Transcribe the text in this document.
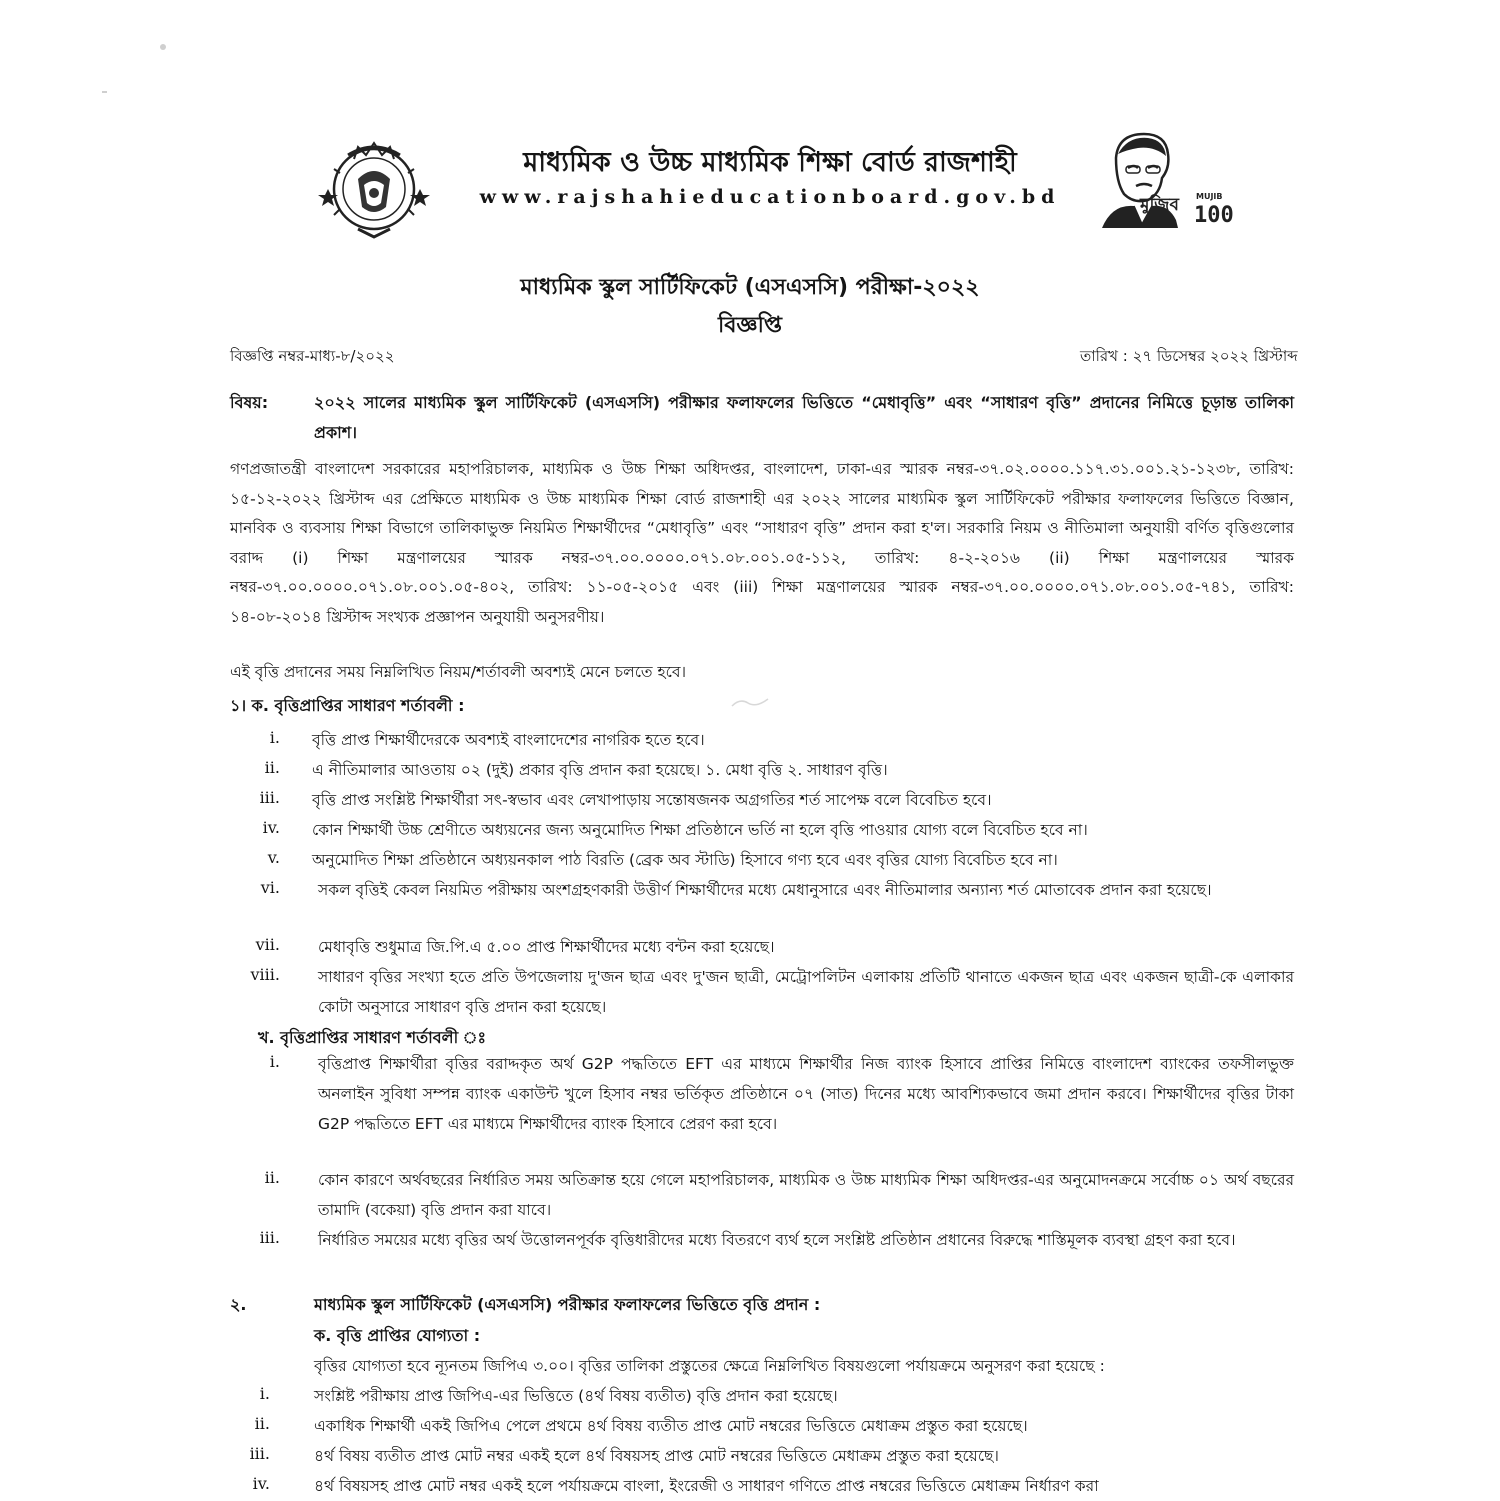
মাধ্যমিক ও উচ্চ মাধ্যমিক শিক্ষা বোর্ড রাজশাহী
www.rajshahieducationboard.gov.bd	মুজিব MUJIB
100
মাধ্যমিক স্কুল সার্টিফিকেট (এসএসসি) পরীক্ষা-২০২২
বিজ্ঞপ্তি
বিজ্ঞপ্তি নম্বর-মাধ্য-৮/২০২২	তারিখ : ২৭ ডিসেম্বর ২০২২ খ্রিস্টাব্দ
বিষয়:	২০২২ সালের মাধ্যমিক স্কুল সার্টিফিকেট (এসএসসি) পরীক্ষার ফলাফলের ভিত্তিতে “মেধাবৃত্তি” এবং “সাধারণ বৃত্তি” প্রদানের নিমিত্তে চূড়ান্ত তালিকা প্রকাশ।
গণপ্রজাতন্ত্রী বাংলাদেশ সরকারের মহাপরিচালক, মাধ্যমিক ও উচ্চ শিক্ষা অধিদপ্তর, বাংলাদেশ, ঢাকা-এর স্মারক নম্বর-৩৭.০২.০০০০.১১৭.৩১.০০১.২১-১২৩৮, তারিখ: ১৫-১২-২০২২ খ্রিস্টাব্দ এর প্রেক্ষিতে মাধ্যমিক ও উচ্চ মাধ্যমিক শিক্ষা বোর্ড রাজশাহী এর ২০২২ সালের মাধ্যমিক স্কুল সার্টিফিকেট পরীক্ষার ফলাফলের ভিত্তিতে বিজ্ঞান, মানবিক ও ব্যবসায় শিক্ষা বিভাগে তালিকাভুক্ত নিয়মিত শিক্ষার্থীদের “মেধাবৃত্তি” এবং “সাধারণ বৃত্তি” প্রদান করা হ'ল। সরকারি নিয়ম ও নীতিমালা অনুযায়ী বর্ণিত বৃত্তিগুলোর বরাদ্দ (i) শিক্ষা মন্ত্রণালয়ের স্মারক নম্বর-৩৭.০০.০০০০.০৭১.০৮.০০১.০৫-১১২, তারিখ: ৪-২-২০১৬ (ii) শিক্ষা মন্ত্রণালয়ের স্মারক নম্বর-৩৭.০০.০০০০.০৭১.০৮.০০১.০৫-৪০২, তারিখ: ১১-০৫-২০১৫ এবং (iii) শিক্ষা মন্ত্রণালয়ের স্মারক নম্বর-৩৭.০০.০০০০.০৭১.০৮.০০১.০৫-৭৪১, তারিখ: ১৪-০৮-২০১৪ খ্রিস্টাব্দ সংখ্যক প্রজ্ঞাপন অনুযায়ী অনুসরণীয়।
এই বৃত্তি প্রদানের সময় নিম্নলিখিত নিয়ম/শর্তাবলী অবশ্যই মেনে চলতে হবে।
১। ক. বৃত্তিপ্রাপ্তির সাধারণ শর্তাবলী :
i. বৃত্তি প্রাপ্ত শিক্ষার্থীদেরকে অবশ্যই বাংলাদেশের নাগরিক হতে হবে।
ii. এ নীতিমালার আওতায় ০২ (দুই) প্রকার বৃত্তি প্রদান করা হয়েছে। ১. মেধা বৃত্তি ২. সাধারণ বৃত্তি।
iii. বৃত্তি প্রাপ্ত সংশ্লিষ্ট শিক্ষার্থীরা সৎ-স্বভাব এবং লেখাপাড়ায় সন্তোষজনক অগ্রগতির শর্ত সাপেক্ষ বলে বিবেচিত হবে।
iv. কোন শিক্ষার্থী উচ্চ শ্রেণীতে অধ্যয়নের জন্য অনুমোদিত শিক্ষা প্রতিষ্ঠানে ভর্তি না হলে বৃত্তি পাওয়ার যোগ্য বলে বিবেচিত হবে না।
v. অনুমোদিত শিক্ষা প্রতিষ্ঠানে অধ্যয়নকাল পাঠ বিরতি (ব্রেক অব স্টাডি) হিসাবে গণ্য হবে এবং বৃত্তির যোগ্য বিবেচিত হবে না।
vi. সকল বৃত্তিই কেবল নিয়মিত পরীক্ষায় অংশগ্রহণকারী উত্তীর্ণ শিক্ষার্থীদের মধ্যে মেধানুসারে এবং নীতিমালার অন্যান্য শর্ত মোতাবেক প্রদান করা হয়েছে।
vii. মেধাবৃত্তি শুধুমাত্র জি.পি.এ ৫.০০ প্রাপ্ত শিক্ষার্থীদের মধ্যে বন্টন করা হয়েছে।
viii. সাধারণ বৃত্তির সংখ্যা হতে প্রতি উপজেলায় দু'জন ছাত্র এবং দু'জন ছাত্রী, মেট্রোপলিটন এলাকায় প্রতিটি থানাতে একজন ছাত্র এবং একজন ছাত্রী-কে এলাকার কোটা অনুসারে সাধারণ বৃত্তি প্রদান করা হয়েছে।
খ. বৃত্তিপ্রাপ্তির সাধারণ শর্তাবলী ঃ
i. বৃত্তিপ্রাপ্ত শিক্ষার্থীরা বৃত্তির বরাদ্দকৃত অর্থ G2P পদ্ধতিতে EFT এর মাধ্যমে শিক্ষার্থীর নিজ ব্যাংক হিসাবে প্রাপ্তির নিমিত্তে বাংলাদেশ ব্যাংকের তফসীলভুক্ত অনলাইন সুবিধা সম্পন্ন ব্যাংক একাউন্ট খুলে হিসাব নম্বর ভর্তিকৃত প্রতিষ্ঠানে ০৭ (সাত) দিনের মধ্যে আবশ্যিকভাবে জমা প্রদান করবে। শিক্ষার্থীদের বৃত্তির টাকা G2P পদ্ধতিতে EFT এর মাধ্যমে শিক্ষার্থীদের ব্যাংক হিসাবে প্রেরণ করা হবে।
ii. কোন কারণে অর্থবছরের নির্ধারিত সময় অতিক্রান্ত হয়ে গেলে মহাপরিচালক, মাধ্যমিক ও উচ্চ মাধ্যমিক শিক্ষা অধিদপ্তর-এর অনুমোদনক্রমে সর্বোচ্চ ০১ অর্থ বছরের তামাদি (বকেয়া) বৃত্তি প্রদান করা যাবে।
iii. নির্ধারিত সময়ের মধ্যে বৃত্তির অর্থ উত্তোলনপূর্বক বৃত্তিধারীদের মধ্যে বিতরণে ব্যর্থ হলে সংশ্লিষ্ট প্রতিষ্ঠান প্রধানের বিরুদ্ধে শাস্তিমূলক ব্যবস্থা গ্রহণ করা হবে।
২.	মাধ্যমিক স্কুল সার্টিফিকেট (এসএসসি) পরীক্ষার ফলাফলের ভিত্তিতে বৃত্তি প্রদান :
ক. বৃত্তি প্রাপ্তির যোগ্যতা :
বৃত্তির যোগ্যতা হবে ন্যূনতম জিপিএ ৩.০০। বৃত্তির তালিকা প্রস্তুতের ক্ষেত্রে নিম্নলিখিত বিষয়গুলো পর্যায়ক্রমে অনুসরণ করা হয়েছে :
i.	সংশ্লিষ্ট পরীক্ষায় প্রাপ্ত জিপিএ-এর ভিত্তিতে (৪র্থ বিষয় ব্যতীত) বৃত্তি প্রদান করা হয়েছে।
ii.	একাধিক শিক্ষার্থী একই জিপিএ পেলে প্রথমে ৪র্থ বিষয় ব্যতীত প্রাপ্ত মোট নম্বরের ভিত্তিতে মেধাক্রম প্রস্তুত করা হয়েছে।
iii.	৪র্থ বিষয় ব্যতীত প্রাপ্ত মোট নম্বর একই হলে ৪র্থ বিষয়সহ প্রাপ্ত মোট নম্বরের ভিত্তিতে মেধাক্রম প্রস্তুত করা হয়েছে।
iv.	৪র্থ বিষয়সহ প্রাপ্ত মোট নম্বর একই হলে পর্যায়ক্রমে বাংলা, ইংরেজী ও সাধারণ গণিতে প্রাপ্ত নম্বরের ভিত্তিতে মেধাক্রম নির্ধারণ করা
